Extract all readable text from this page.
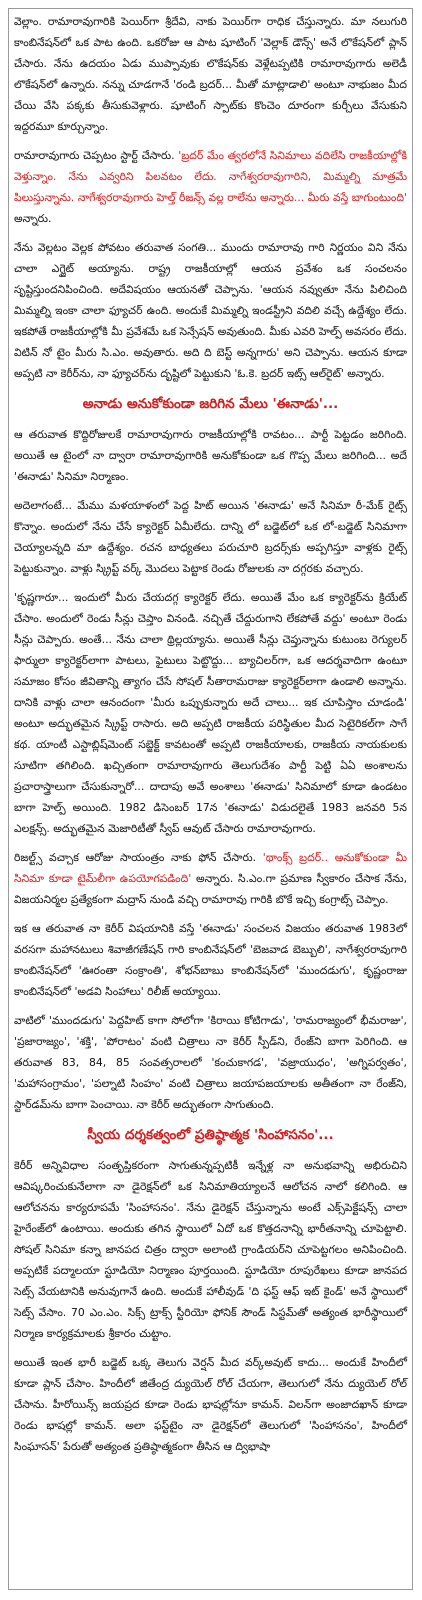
వెల్లాం. రామారావుగారికి పెయిర్‌గా శ్రీదేవి, నాకు పెయిర్‌గా రాధిక చేస్తున్నారు. మా నలుగురి కాంబినేషన్‌లో ఒక పాట ఉంది. ఒకరోజు ఆ పాట షూటింగ్ 'వెల్లాక్ డౌన్స్' అనే లొకేషన్‌లో ప్లాన్ చేసారు. నేను ఉదయం ఏడు ముప్పావుకు లొకేషన్‌కు వెళ్లేటప్పటికి రామారావుగారు అలెడీ లొకేషన్‌లో ఉన్నారు. నన్ను చూడగానే 'రండి బ్రదర్... మీతో మాట్లాడాలి' అంటూ నాభుజం మీద చేయి వేసి పక్కకు తీసుకువెళ్లారు. షూటింగ్ స్పాట్‌కు కొంచెం దూరంగా కుర్చీలు వేసుకుని ఇద్దరమూ కూర్చున్నాం.

రామారావుగారు చెప్పటం స్టార్ట్ చేసారు. 'బ్రదర్ మేం త్వరలోనే సినిమాలు వదిలేసి రాజకీయాల్లోకి వెళ్తున్నాం. నేను ఎవ్వరిని పిలవటం లేదు. నాగేశ్వరరావుగారిని, మిమ్మల్ని మాత్రమే పిలుస్తున్నాను. నాగేశ్వరరావుగారు హెల్త్ రీజన్స్ వల్ల రాలేను అన్నారు... మీరు వస్తే బాగుంటుంది' అన్నారు.

నేను వెల్లటం వెల్లక పోవటం తరువాత సంగతి... ముందు రామారావు గారి నిర్ణయం విని నేను చాలా ఎగ్జైట్ అయ్యాను. రాష్ట్ర రాజకీయాల్లో ఆయన ప్రవేశం ఒక సంచలనం సృష్టిస్తుందనిపించింది. అదేవిషయం ఆయనతో చెప్పాను. 'ఆయన నవ్వుతూ నేను పిలిచింది మిమ్మల్ని ఇంకా చాలా ఫ్యూచర్ ఉంది. అందుకే మిమ్మల్ని ఇండస్ట్రీని వదిలి వచ్చే ఉద్దేశ్యం లేదు. ఇకపోతే రాజకీయాల్లోకి మీ ప్రవేశమే ఒక సెన్సేషన్ అవుతుంది. మీకు ఎవరి హెల్ప్ అవసరం లేదు. విటిన్ నో టైం మీరు సి.ఎం. అవుతారు. అది ది బెస్ట్ అన్నగారు' అని చెప్పాను. ఆయన కూడా అప్పటి నా కెరీర్‌ను, నా ఫ్యూచర్‌ను దృష్టిలో పెట్టుకుని 'ఓ.కె. బ్రదర్ ఇట్స్ ఆల్‌రైట్' అన్నారు.

అనాడు అనుకోకుండా జరిగిన మేలు 'ఈనాడు'...

ఆ తరువాత కొద్దిరోజులకే రామారావుగారు రాజకీయాల్లోకి రావటం... పార్టీ పెట్టడం జరిగింది. అయితే ఆ టైంలో నా ద్వారా రామారావుగారికి అనుకోకుండా ఒక గొప్ప మేలు జరిగింది... అదే 'ఈనాడు' సినిమా నిర్మాణం.

అదెలాగంటే... మేము మళయాళంలో పెద్ద హిట్ అయిన 'ఈనాడు' అనే సినిమా రీ-మేక్ రైట్స్ కొన్నాం. అందులో నేను చేసే క్యారెక్టర్ ఏమీలేదు. దాన్ని లో బడ్జెట్‌లో ఒక లో-బడ్జెట్ సినిమాగా చెయ్యాలన్నది మా ఉద్దేశ్యం. రచన బాధ్యతలు పరుచూరి బ్రదర్స్‌కు అప్పగిస్తూ వాళ్లకు రైట్స్ పెట్టుకున్నాం. వాళ్లు స్క్రిప్ట్ వర్క్ మొదలు పెట్టాక రెండు రోజులకు నా దగ్గరకు వచ్చారు.

'కృష్ణగారూ... ఇందులో మీరు చేయదగ్గ క్యారెక్టర్ లేదు. అయితే మేం ఒక క్యారెక్టర్‌ను క్రియేట్ చేసాం. అందులో రెండు సీన్లు చెప్తాం వినండి. నచ్చితే చేద్దురుగాని లేకపోతే వద్దు' అంటూ రెండు సీన్లు చెప్పారు. అంతే... నేను చాలా థ్రిల్లయ్యాను. అయితే సీన్లు చెప్తున్నాను కుటుంబ రెగ్యులర్ ఫార్ములా క్యారెక్టర్‌లాగా పాటలు, ఫైటులు పెట్టొద్దు... బ్యాచిలర్‌గా, ఒక ఆదర్శవాదిగా ఉంటూ సమాజం కోసం జీవితాన్ని త్యాగం చేసే సోషల్ సీతారామరాజు క్యారెక్టర్‌లాగా ఉండాలి అన్నాను. దానికి వాళ్లు చాలా ఆనందంగా 'మీరు ఒప్పుకున్నారు అదే చాలు... ఇక చూపిస్తాం చూడండి' అంటూ అద్భుతమైన స్క్రిప్ట్ రాసారు. అది అప్పటి రాజకీయ పరిస్థితుల మీద సెటైరికల్‌గా సాగే కథ. యాంటీ ఎస్టాబ్లిష్‌మెంట్ సబ్జెక్ట్ కావటంతో అప్పటి రాజకీయాలకు, రాజకీయ నాయకులకు సూటిగా తగిలింది. ఖచ్చితంగా రామారావుగారు తెలుగుదేశం పార్టీ పెట్టి ఏఏ అంశాలను ప్రచారాస్త్రాలుగా చేసుకున్నారో... దాదాపు అవే అంశాలు 'ఈనాడు' సినిమాలో కూడా ఉండటం బాగా హెల్ప్ అయింది. 1982 డిసెంబర్ 17న 'ఈనాడు' విడుదలైతే 1983 జనవరి 5న ఎలక్షన్స్. అద్భుతమైన మెజారిటీతో స్వీప్ ఆవుట్ చేసారు రామారావుగారు.

రిజల్ట్స్ వచ్చాక ఆరోజు సాయంత్రం నాకు ఫోన్ చేసారు. 'థాంక్స్ బ్రదర్.. అనుకోకుండా మీ సినిమా కూడా టైమ్‌లీగా ఉపయోగపడింది' అన్నారు. సి.ఎం.గా ప్రమాణ స్వీకారం చేసాక నేను, విజయనిర్మల ప్రత్యేకంగా మద్రాస్ నుండి వచ్చి రామారావు గారికి బొకే ఇచ్చి కంగ్రాట్స్ చెప్పాం.

ఇక ఆ తరువాత నా కెరీర్ విషయానికి వస్తే 'ఈనాడు' సంచలన విజయం తరువాత 1983లో వరసగా మహానటులు శివాజీగణేషన్ గారి కాంబినేషన్‌లో 'బెజవాడ బెబ్బులి', నాగేశ్వరరావుగారి కాంబినేషన్‌లో 'ఊరంతా సంక్రాంతి', శోభన్‌బాబు కాంబినేషన్‌లో 'ముందడుగు', కృష్ణంరాజు కాంబినేషన్‌లో 'అడవి సింహాలు' రిలీజ్ అయ్యాయి.

వాటిలో 'ముందడుగు' పెద్దహిట్ కాగా సోలోగా 'కిరాయి కోటిగాడు', 'రామరాజ్యంలో భీమరాజు', 'ప్రజారాజ్యం', 'శక్తి', 'పోరాటం' వంటి చిత్రాలు నా కెరీర్ స్పీడ్‌ని, రేంజ్‌ని బాగా పెరిగింది. ఆ తరువాత 83, 84, 85 సంవత్సరాలలో 'కంచుకాగడ', 'వజ్రాయుధం', 'అగ్నిపర్వతం', 'మహాసంగ్రామం', 'పల్నాటి సింహం' వంటి చిత్రాలు జయాపజయాలకు అతీతంగా నా రేంజ్‌ని, స్టార్‌డమ్‌ను బాగా పెంచాయి. నా కెరీర్ అద్భుతంగా సాగుతుంది.

స్వీయ దర్శకత్వంలో ప్రతిష్ఠాత్మక 'సింహాసనం'...

కెరీర్ అన్నివిధాల సంతృప్తికరంగా సాగుతున్నప్పటికీ ఇన్నేళ్ల నా అనుభవాన్ని అభిరుచిని ఆవిష్కరించుకునేలాగా నా డైరెక్షన్‌లో ఒక సినిమాతియ్యాలనే ఆలోచన నాలో కలిగింది. ఆ ఆలోచనను కార్యరూపమే 'సింహాసనం'. నేను డైరెక్షన్ చేస్తున్నాను అంటే ఎక్స్‌పెక్టేషన్స్ చాలా హైరేంజ్‌లో ఉంటాయి. అందుకు తగిన స్థాయిలో ఏదో ఒక కొత్తదనాన్ని భారీతనాన్ని చూపెట్టాలి. సోషల్ సినిమా కన్నా జానపద చిత్రం ద్వారా అలాంటి గ్రాండియర్‌ని చూపెట్టగలం అనిపించింది. అప్పటికే పద్మాలయా స్టూడియో నిర్మాణం పూర్తయింది. స్టూడియో రూపురేఖలు కూడా జానపద సెట్స్ వేయటానికి అనువుగానే ఉంది. అందుకే హాలీవుడ్ 'ది ఫస్ట్ ఆఫ్ ఇట్ కైండ్' అనే స్థాయిలో సెట్స్ వేసాం. 70 ఎం.ఎం. సిక్స్ ట్రాక్స్ స్టీరియో ఫోనిక్ సౌండ్ సిస్టమ్‌తో అత్యంత భారీస్థాయిలో నిర్మాణ కార్యక్రమాలకు శ్రీకారం చుట్టాం.

అయితే ఇంత భారీ బడ్జెట్ ఒక్క తెలుగు వెర్షన్ మీద వర్క్‌అవుట్ కాదు... అందుకే హిందీలో కూడా ప్లాన్ చేసాం. హిందీలో జితేంద్ర ద్యుయెల్ రోల్ చేయగా, తెలుగులో నేను ద్యుయెల్ రోల్ చేసాను. హీరోయిన్స్ జయప్రద కూడా రెండు భాషల్లోనూ కామన్. విలన్‌గా అంజాదఖాన్ కూడా రెండు భాషల్లో కామన్. అలా ఫస్ట్‌టైం నా డైరెక్షన్‌లో తెలుగులో 'సింహాసనం', హిందీలో సింఘాసన్' పేరుతో అత్యంత ప్రతిష్ఠాత్మకంగా తీసిన ఆ ద్విభాషా
